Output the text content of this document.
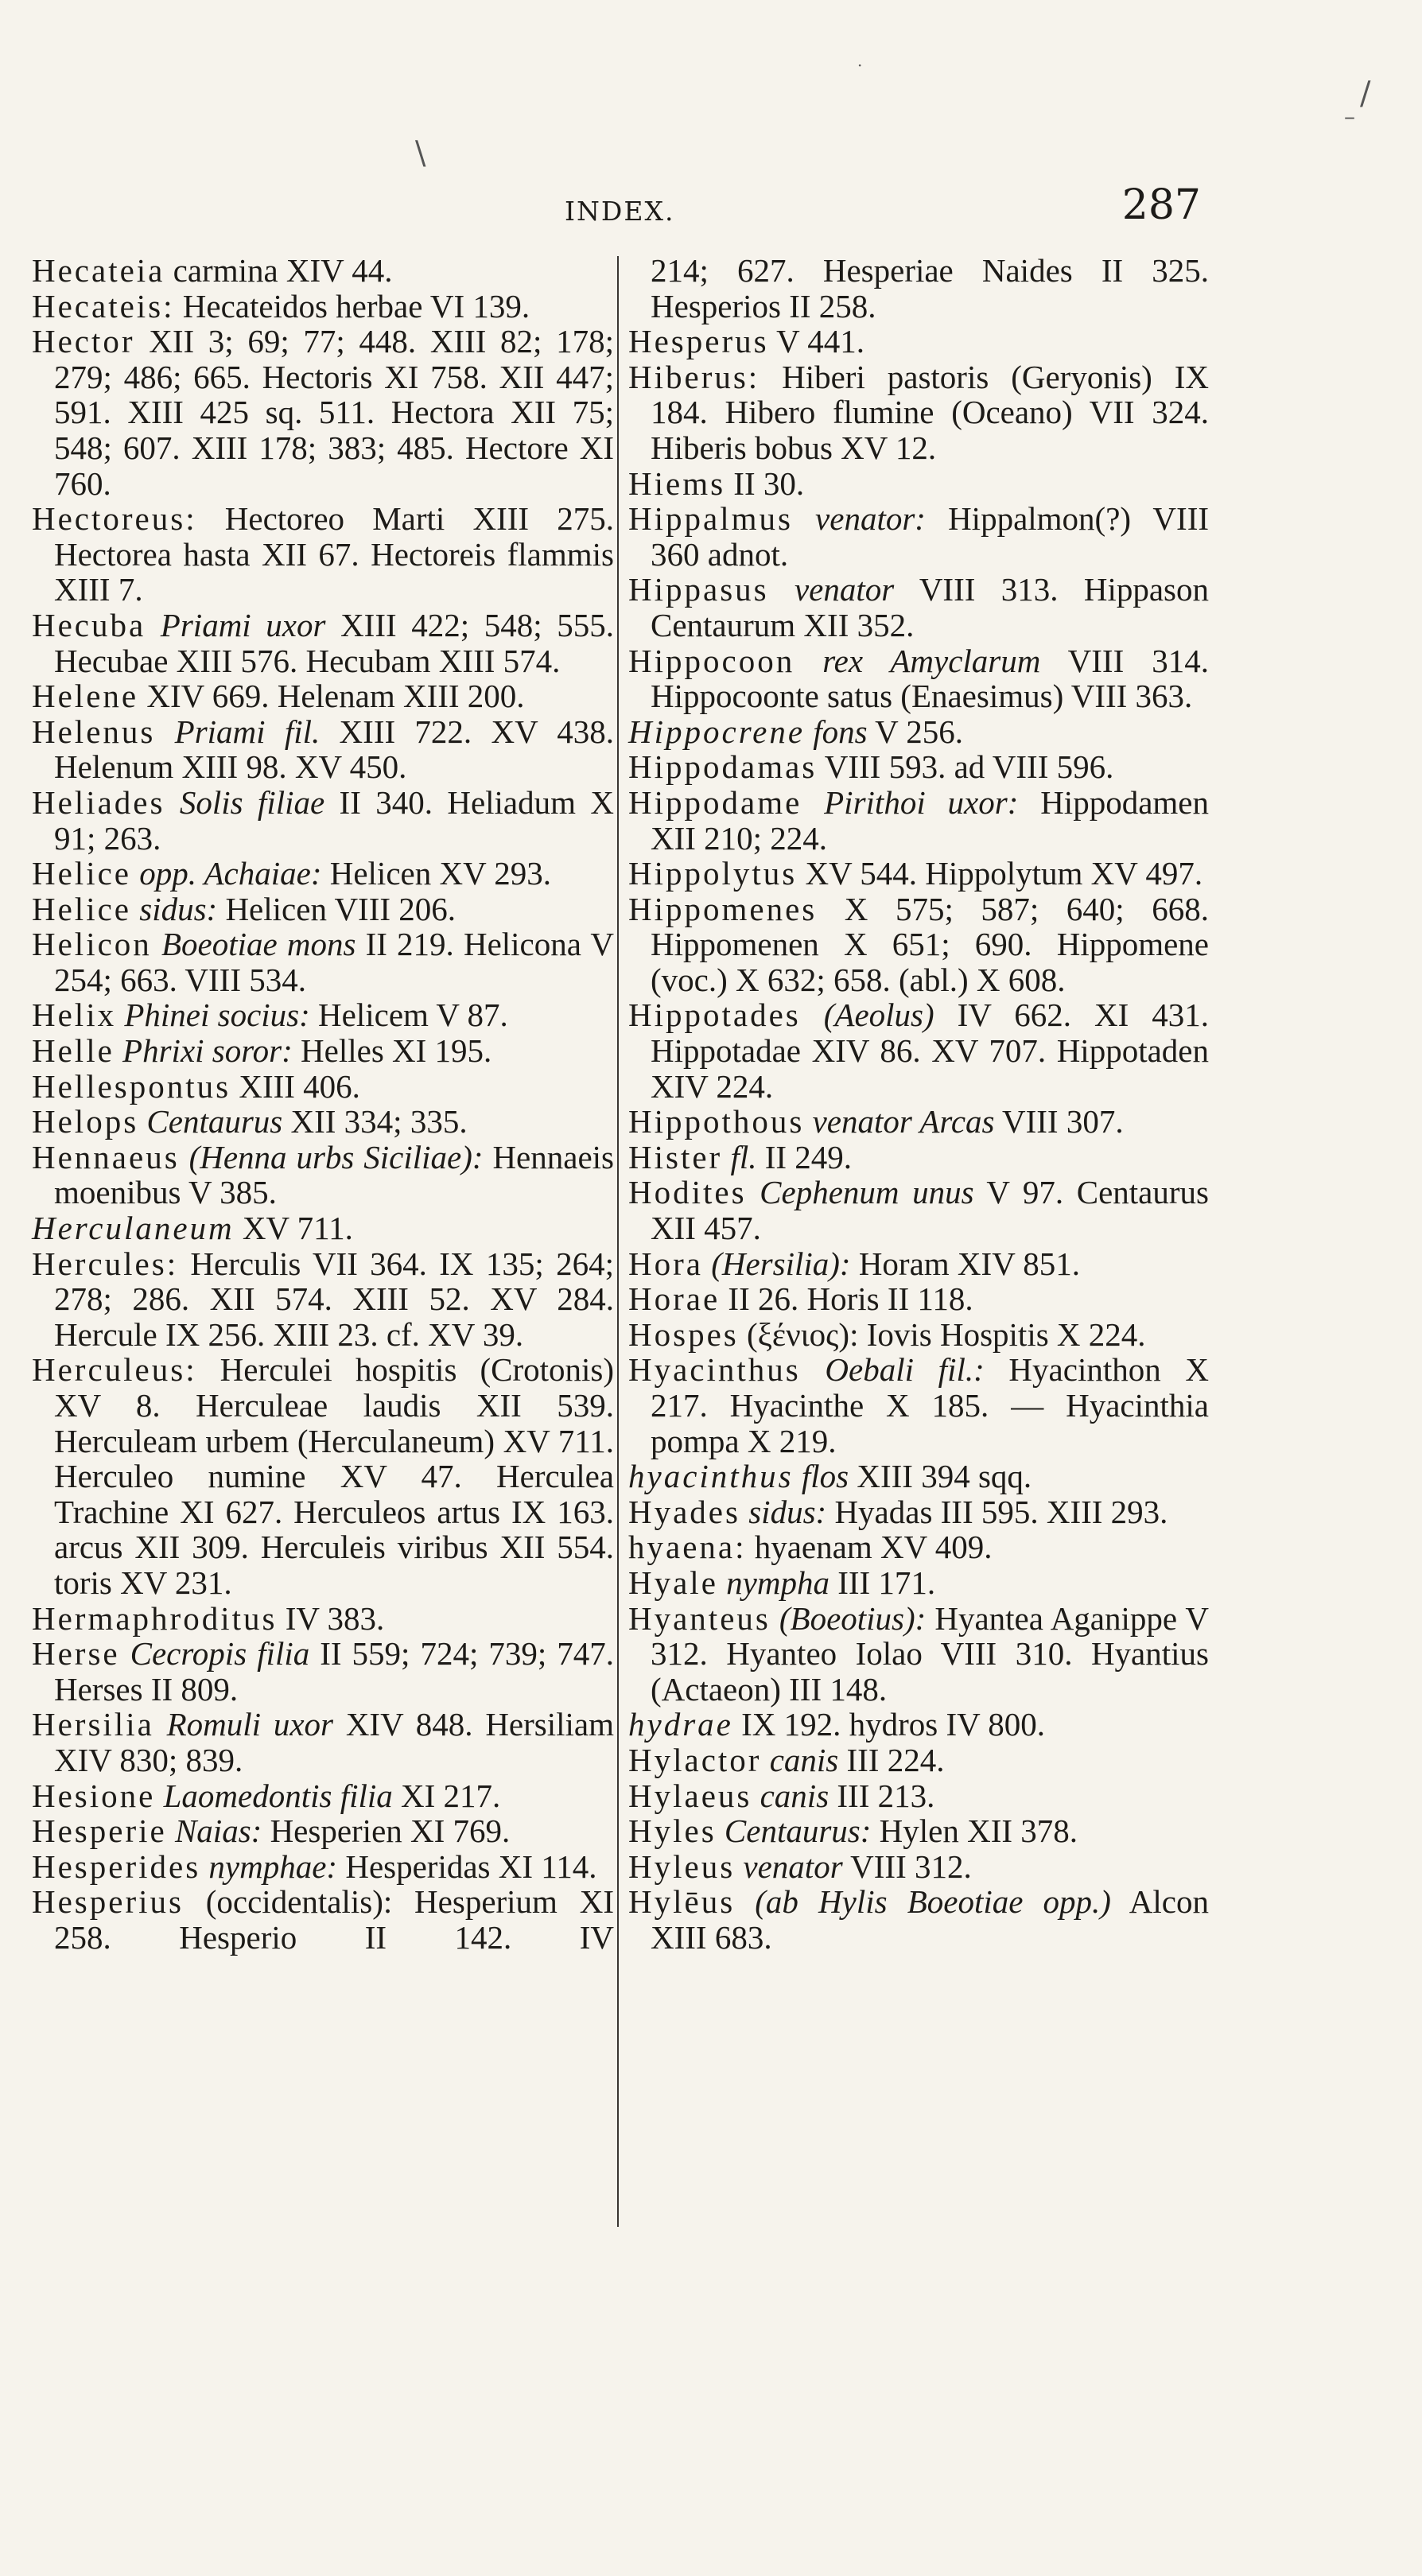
\
·
/
–
INDEX.	287
Hecateia carmina XIV 44.
Hecateis: Hecateidos herbae VI 139.
Hector XII 3; 69; 77; 448. XIII 82; 178; 279; 486; 665. Hectoris XI 758. XII 447; 591. XIII 425 sq. 511. Hectora XII 75; 548; 607. XIII 178; 383; 485. Hectore XI 760.
Hectoreus: Hectoreo Marti XIII 275. Hectorea hasta XII 67. Hectoreis flammis XIII 7.
Hecuba Priami uxor XIII 422; 548; 555. Hecubae XIII 576. Hecubam XIII 574.
Helene XIV 669. Helenam XIII 200.
Helenus Priami fil. XIII 722. XV 438. Helenum XIII 98. XV 450.
Heliades Solis filiae II 340. Heliadum X 91; 263.
Helice opp. Achaiae: Helicen XV 293.
Helice sidus: Helicen VIII 206.
Helicon Boeotiae mons II 219. Helicona V 254; 663. VIII 534.
Helix Phinei socius: Helicem V 87.
Helle Phrixi soror: Helles XI 195.
Hellespontus XIII 406.
Helops Centaurus XII 334; 335.
Hennaeus (Henna urbs Siciliae): Hennaeis moenibus V 385.
Herculaneum XV 711.
Hercules: Herculis VII 364. IX 135; 264; 278; 286. XII 574. XIII 52. XV 284. Hercule IX 256. XIII 23. cf. XV 39.
Herculeus: Herculei hospitis (Crotonis) XV 8. Herculeae laudis XII 539. Herculeam urbem (Herculaneum) XV 711. Herculeo numine XV 47. Herculea Trachine XI 627. Herculeos artus IX 163. arcus XII 309. Herculeis viribus XII 554. toris XV 231.
Hermaphroditus IV 383.
Herse Cecropis filia II 559; 724; 739; 747. Herses II 809.
Hersilia Romuli uxor XIV 848. Hersiliam XIV 830; 839.
Hesione Laomedontis filia XI 217.
Hesperie Naias: Hesperien XI 769.
Hesperides nymphae: Hesperidas XI 114.
Hesperius (occidentalis): Hesperium XI 258. Hesperio II 142. IV
214; 627. Hesperiae Naides II 325. Hesperios II 258.
Hesperus V 441.
Hiberus: Hiberi pastoris (Geryonis) IX 184. Hibero flumine (Oceano) VII 324. Hiberis bobus XV 12.
Hiems II 30.
Hippalmus venator: Hippalmon(?) VIII 360 adnot.
Hippasus venator VIII 313. Hippason Centaurum XII 352.
Hippocoon rex Amyclarum VIII 314. Hippocoonte satus (Enaesimus) VIII 363.
Hippocrene fons V 256.
Hippodamas VIII 593. ad VIII 596.
Hippodame Pirithoi uxor: Hippodamen XII 210; 224.
Hippolytus XV 544. Hippolytum XV 497.
Hippomenes X 575; 587; 640; 668. Hippomenen X 651; 690. Hippomene (voc.) X 632; 658. (abl.) X 608.
Hippotades (Aeolus) IV 662. XI 431. Hippotadae XIV 86. XV 707. Hippotaden XIV 224.
Hippothous venator Arcas VIII 307.
Hister fl. II 249.
Hodites Cephenum unus V 97. Centaurus XII 457.
Hora (Hersilia): Horam XIV 851.
Horae II 26. Horis II 118.
Hospes (ξένιος): Iovis Hospitis X 224.
Hyacinthus Oebali fil.: Hyacinthon X 217. Hyacinthe X 185. — Hyacinthia pompa X 219.
hyacinthus flos XIII 394 sqq.
Hyades sidus: Hyadas III 595. XIII 293.
hyaena: hyaenam XV 409.
Hyale nympha III 171.
Hyanteus (Boeotius): Hyantea Aganippe V 312. Hyanteo Iolao VIII 310. Hyantius (Actaeon) III 148.
hydrae IX 192. hydros IV 800.
Hylactor canis III 224.
Hylaeus canis III 213.
Hyles Centaurus: Hylen XII 378.
Hyleus venator VIII 312.
Hylēus (ab Hylis Boeotiae opp.) Alcon XIII 683.
